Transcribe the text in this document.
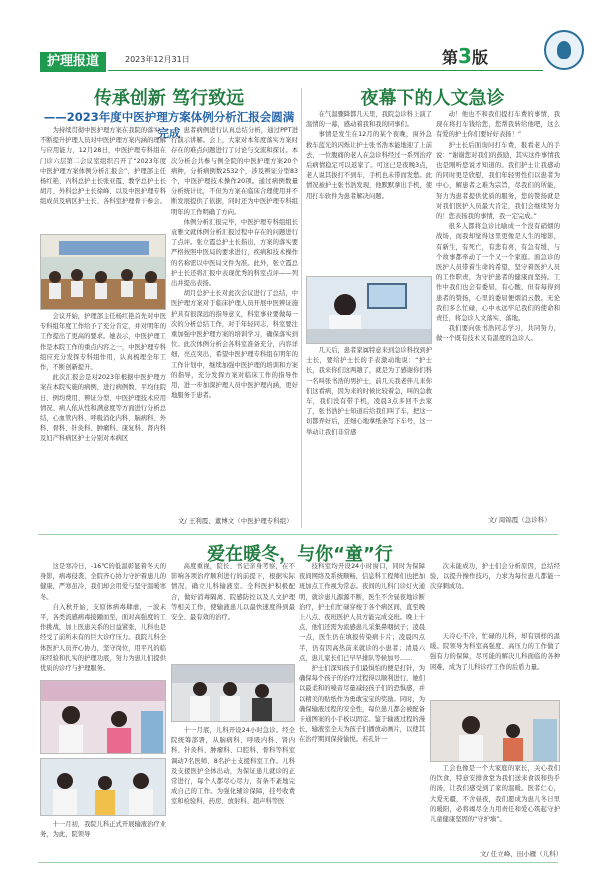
护理报道	2023年12月31日	第3版
传承创新 笃行致远
——2023年度中医护理方案体例分析汇报会圆满完成

为持续贯彻中医护理方案在我院的落实，不断提升护理人员对中医护理方案内涵的理解与应用能力，12月28日，中医护理专科组在门诊六层第二会议室组织召开了“2023年度中医护理方案体例分析汇报会”，护理部主任杨红艳、内科总护士长张亚霞、教学总护士长胡月、外科总护士长徐峰、以及中医护理专科组成员及病区护士长、各科室护理骨干参会。

会议开始，护理部主任杨红艳首先对中医专科组年度工作给予了充分肯定，并对明年的工作提出了更高的要求。她表示，中医护理工作是本院工作的重点内容之一，中医护理专科组应充分发挥专科组作用，认真梳理全年工作，不断创新提升。

此次汇报会是对2023年根据中医护理方案在本院实施的病例，进行病例数、平均住院日、例均费用、辨证分型、中医护理技术应用情况、病人依从性和满意度等方面进行分析总结，心血管内科、呼吸消化内科、脑病科、外科、骨科、针灸科、肿瘤科、康复科、肾内科及妇产科病区护士分别对本病区

患者病例进行认真总结分析，通过PPT进行演示讲解。会上，大家对本年度落实方案时存在的难点问题进行了讨论与交流和探讨。本次分析会共参与例全院的中医护理方案20个病种，分析病例数2532个，涉及辨证分型83个，中医护理技术操作20项。通过病例数量分析统计比，不但为方案在临床合理使用并不断发展提供了依据，同时还为中医护理专科组明年的工作明确了方向。

体例分析汇报完毕，中医护理专科组组长袁雅文就体例分析汇报过程中存在的问题进行了点评。张立霞总护士长指出，方案的落实要严格按照中医局的要求进行，疾病和技术操作的名称需以中医局文件为准。此外，张立霞总护士长还将汇报中表现优秀的科室点评——列出并提出表扬。

胡月总护士长对此次会议进行了总结，中医护理方案对于临床护理人员开展中医辨证施护具有很深远的指导意义，科室事业要做每一次的分析总结工作，对于年轻同志，科室要注重加强中医护理方案的培训学习，确保落实到位。此次体例分析会各科室准备充分，内容详细，亮点突出，希望中医护理专科组在明年的工作计划中，继续加强中医护理的培训和方案的指导，充分发挥方案对临床工作的指导作用，进一步加深护理人员中医护理内涵，更好地服务于患者。

文/ 王利霞、董博文（中医护理专科组）
夜幕下的人文急诊

在气温骤降都几天里，我院急诊科上演了温情的一幕，感动着我和我的同事们。

事情是发生在12月的某个夜晚，窗外急救车蓝光的闪烁让护士张书浩本能地迎了上前去，一位腹痛的老人在急诊科经过一系列治疗后病情稳定可以返家了。可这已是夜晚3点，老人说其拔打不到车，手机也未带而发愁。此情况被护士张书浩发现，他默默拿出手机，使用打车软件为患者解决问题。

几天后，患者家属特意来到急诊科找到护士长，要给护士长的手表激动地说：“护士长，我来你们这两趟了，就是为了感谢你们科一名叫张书浩的男护士，前几天我老伴儿来你们这看病，因为来的时候比较着急，叫的急救车，我们没有带手机，凌晨3点多回不去家了，张书浩护士知道后给我们叫了车，把这一切都弄好后，还细心地拿纸条写下车号，这一举动让我们非常感

动！他也不和我们提打车费的事情，我现在将打车钱给您，您帮我转给他吧，这么有爱的护士你们要好好表扬！”

护士长后面询问打车费，报看老人的手说：“谢谢您对我们的鼓励，其实这件事情我也是刚听您说才知道的。我们护士让我感动的同时更是欣慰，我们年轻男性们以患者为中心，解患者之难为宗旨，尽我们的所能，努力为患者提供优质的服务，您的赞扬就是对我们医护人员最大肯定，我们会继续努力的！您表扬我的事情，我一定完成。”

很多人都将急诊比喻成一个没有硝烟的战场，而我却觉得这里更像是人生的缩影，有新生，有死亡，有悲有喜，有急有缓，与个故事都牵动了一个又一个家庭。面急诊的医护人员带着生命的希望，坚守着医护人员的工作职责，为守护患者的健康而坚持。工作中我们也会有委屈，有心酸，但有每得到患者的赞扬，心里的委屈便烟消云散。无论我们多么忙碌，心中永远牢记我们的使命和责任，将急诊人文落实、落地。

我们要向张书浩同志学习，共同努力，做一个既有技术又有温度的急诊人。

文/ 周锦霞（急诊科）
爱在暖冬，与你“童”行

这是寒冷日，-16℃的低温彰显着冬天的身影，病毒侵袭，全院齐心协力守护着患儿的健康，严寒虽冷，我们却会用爱与坚守温暖寒冬。

自入秋开始，支原体病毒肆虐，一波未平，各类流感病毒接踵而至，面对高强度的工作挑战，加上医患关系的日益紧张，儿科也是经受了前所未有的巨大诊疗压力。我院儿科全体医护人员齐心协力，坚守岗位，用平凡的临床经验和扎实的护理功底，努力为患儿们提供优质的诊疗与护理服务。

十一月初，我院儿科正式开展输液治疗业务，为此，院领导

高度重视，院长、书记亲身考察，在不影响各项治疗顺利进行的前提下，根据实际情况，确立儿科输液室。全科医护积极配合，做好消毒隔离、院感防控以及人文护理等相关工作，使输液患儿以最快速度得到最安全、最有效的治疗。

十一月底，儿科开设24小时急诊。经全院统筹部署，从脑病科、呼吸内科、肾内科、针灸科、肿瘤科、口腔科、骨科等科室调动7名医师、8名护士支援科室工作。儿科及支援医护全体出动，为保证患儿就诊的正常进行，每个人都尽心尽力，有条不紊地完成自己的工作。为强化辅诊保障，挂号收费室和检验科、药房、放射科、超声科等医

技科室均开设24小时窗口，同时为保障夜间网络及系统顺畅，信息科工程师们也把加班加点工作视为常态。夜间的儿科门诊灯火通明，就诊患儿源源不断，医生不舍昼夜地诊断治疗，护士们忙碌穿梭于各个病区间，直至晚上八点、夜班医护人员方能完成交班。晚上十点，他们还需为流感患儿采集鼻咽拭子；凌晨一点，医生仍在填报传染病卡片；凌晨四点半，仍有因高热前来就诊的小患者；清晨六点，患儿家长们已早早排队等候加号……

护士们深知孩子们最惧怕的便是打针，为确保每个孩子的治疗过程得以顺利进行，她们以最柔和的嗓音尽量减轻孩子们的恐惧感，并以精美的贴纸作为勇敢宝宝的奖励。同时，为确保输液过程的安全性，每位患儿都会被配备卡通图案的小手板以固定。鉴于输液过程的漫长，输液室全天为孩子们播放动画片，以使其在治疗期间保持愉悦。若孔针一

次未能成功，护士们会分析原因，总结经验，以提升操作技巧，力求为每位患儿都能一次穿刺成功。

天冷心不冷，忙碌的儿科，却有别样的温暖。院领导为科室高强度、高压力的工作做了强有力的保障，尽可能的解决儿科面临的各种困难，成为了儿科诊疗工作的后盾力量。

工会也像是一个大家庭的家长，关心我们的饮食，特意安排食堂为我们送来食饭和热乎的汤，让我们感受到了家的温暖。医者仁心，大爱无疆，不舍昼夜，我们愿成为患儿冬日里的暖阳，必将竭尽全力用责任和爱心筑起守护儿童健康坚固的“守护墙”。

文/ 任立峰、田小雁（儿科）
